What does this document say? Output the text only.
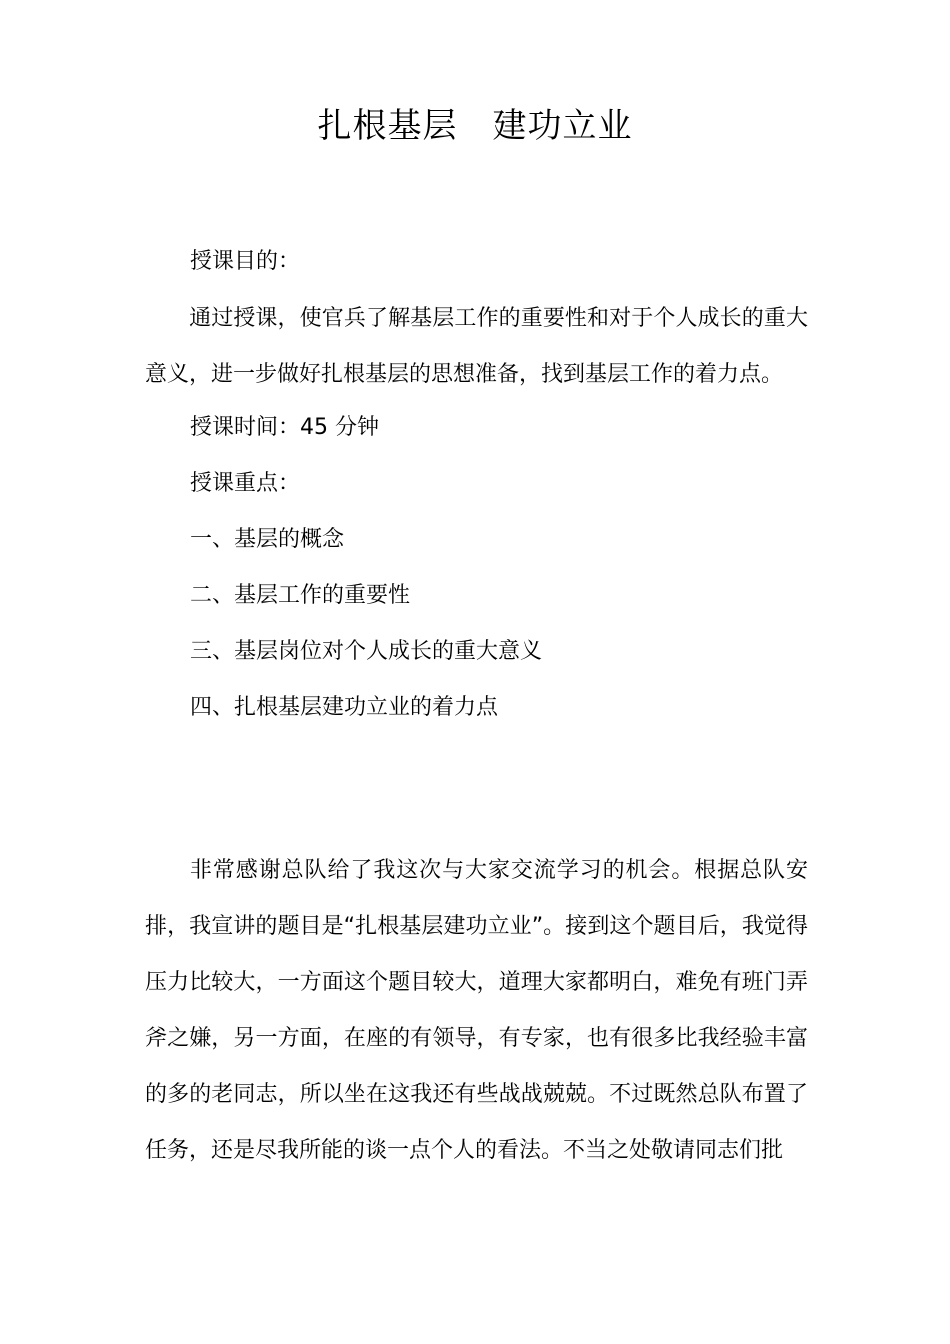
扎根基层　建功立业
授课目的：
通过授课，使官兵了解基层工作的重要性和对于个人成长的重大意义，进一步做好扎根基层的思想准备，找到基层工作的着力点。
授课时间：45 分钟
授课重点：
一、基层的概念
二、基层工作的重要性
三、基层岗位对个人成长的重大意义
四、扎根基层建功立业的着力点
非常感谢总队给了我这次与大家交流学习的机会。根据总队安排，我宣讲的题目是“扎根基层建功立业”。接到这个题目后，我觉得压力比较大，一方面这个题目较大，道理大家都明白，难免有班门弄斧之嫌，另一方面，在座的有领导，有专家，也有很多比我经验丰富的多的老同志，所以坐在这我还有些战战兢兢。不过既然总队布置了任务，还是尽我所能的谈一点个人的看法。不当之处敬请同志们批
